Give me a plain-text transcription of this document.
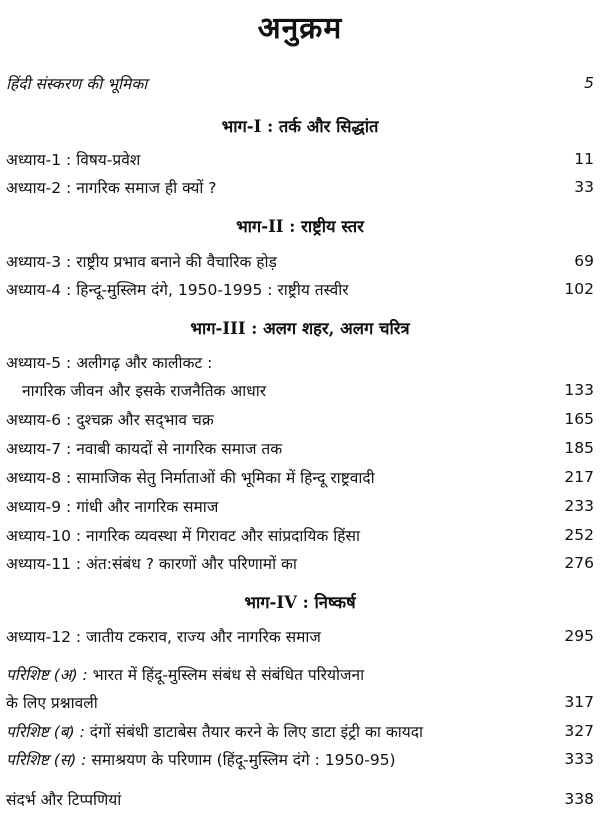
अनुक्रम
हिंदी संस्करण की भूमिका	5
भाग-I : तर्क और सिद्धांत
अध्याय-1 : विषय-प्रवेश	11
अध्याय-2 : नागरिक समाज ही क्यों ?	33
भाग-II : राष्ट्रीय स्तर
अध्याय-3 : राष्ट्रीय प्रभाव बनाने की वैचारिक होड़	69
अध्याय-4 : हिन्दू-मुस्लिम दंगे, 1950-1995 : राष्ट्रीय तस्वीर	102
भाग-III : अलग शहर, अलग चरित्र
अध्याय-5 : अलीगढ़ और कालीकट :
नागरिक जीवन और इसके राजनैतिक आधार	133
अध्याय-6 : दुश्चक्र और सद्‌भाव चक्र	165
अध्याय-7 : नवाबी कायदों से नागरिक समाज तक	185
अध्याय-8 : सामाजिक सेतु निर्माताओं की भूमिका में हिन्दू राष्ट्रवादी	217
अध्याय-9 : गांधी और नागरिक समाज	233
अध्याय-10 : नागरिक व्यवस्था में गिरावट और सांप्रदायिक हिंसा	252
अध्याय-11 : अंत:संबंध ? कारणों और परिणामों का	276
भाग-IV : निष्कर्ष
अध्याय-12 : जातीय टकराव, राज्य और नागरिक समाज	295
परिशिष्ट (अ) : भारत में हिंदू-मुस्लिम संबंध से संबंधित परियोजना
के लिए प्रश्नावली	317
परिशिष्ट (ब) : दंगों संबंधी डाटाबेस तैयार करने के लिए डाटा इंट्री का कायदा	327
परिशिष्ट (स) : समाश्रयण के परिणाम (हिंदू-मुस्लिम दंगे : 1950-95)	333
संदर्भ और टिप्पणियां	338
